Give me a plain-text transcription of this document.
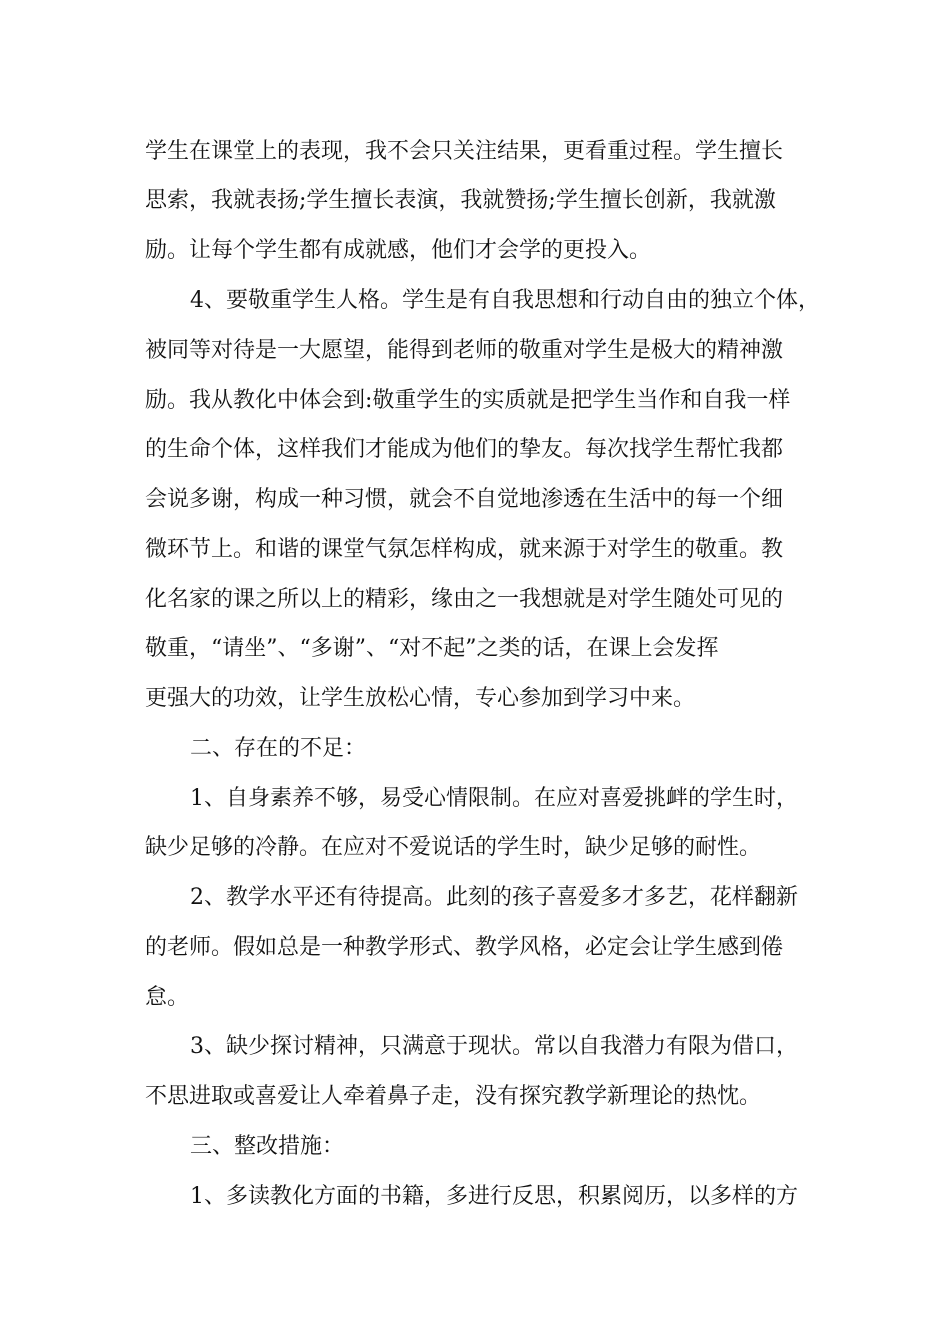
学生在课堂上的表现，我不会只关注结果，更看重过程。学生擅长
思索，我就表扬;学生擅长表演，我就赞扬;学生擅长创新，我就激
励。让每个学生都有成就感，他们才会学的更投入。
4、要敬重学生人格。学生是有自我思想和行动自由的独立个体，
被同等对待是一大愿望，能得到老师的敬重对学生是极大的精神激
励。我从教化中体会到:敬重学生的实质就是把学生当作和自我一样
的生命个体，这样我们才能成为他们的挚友。每次找学生帮忙我都
会说多谢，构成一种习惯，就会不自觉地渗透在生活中的每一个细
微环节上。和谐的课堂气氛怎样构成，就来源于对学生的敬重。教
化名家的课之所以上的精彩，缘由之一我想就是对学生随处可见的
敬重，“请坐”、“多谢”、“对不起”之类的话，在课上会发挥
更强大的功效，让学生放松心情，专心参加到学习中来。
二、存在的不足：
1、自身素养不够，易受心情限制。在应对喜爱挑衅的学生时，
缺少足够的冷静。在应对不爱说话的学生时，缺少足够的耐性。
2、教学水平还有待提高。此刻的孩子喜爱多才多艺，花样翻新
的老师。假如总是一种教学形式、教学风格，必定会让学生感到倦
怠。
3、缺少探讨精神，只满意于现状。常以自我潜力有限为借口，
不思进取或喜爱让人牵着鼻子走，没有探究教学新理论的热忱。
三、整改措施：
1、多读教化方面的书籍，多进行反思，积累阅历，以多样的方
